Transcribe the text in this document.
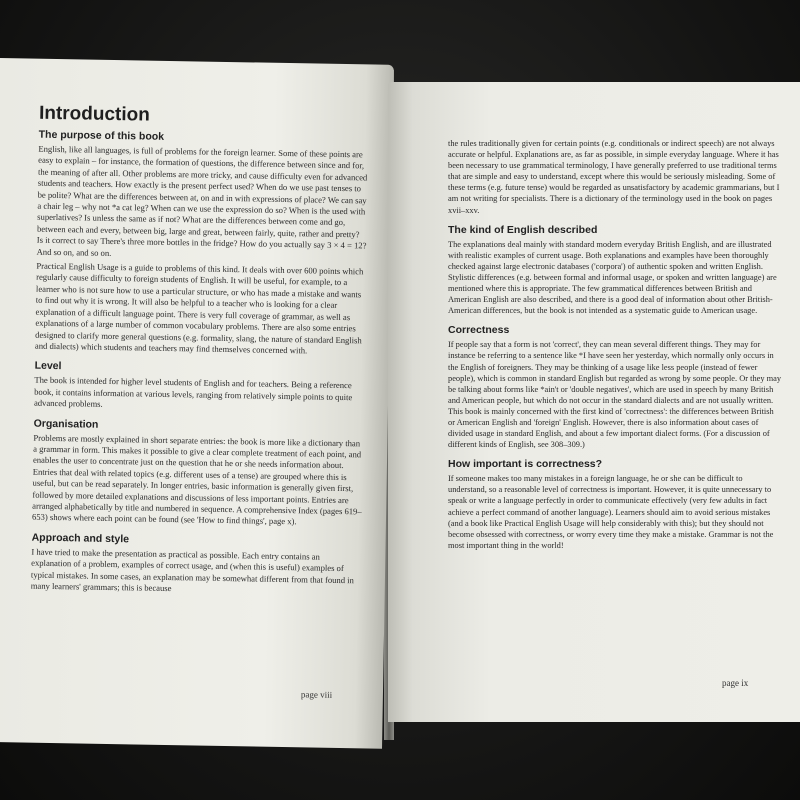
Introduction
The purpose of this book

English, like all languages, is full of problems for the foreign learner. Some of these points are easy to explain – for instance, the formation of questions, the difference between since and for, the meaning of after all. Other problems are more tricky, and cause difficulty even for advanced students and teachers. How exactly is the present perfect used? When do we use past tenses to be polite? What are the differences between at, on and in with expressions of place? We can say a chair leg – why not *a cat leg? When can we use the expression do so? When is the used with superlatives? Is unless the same as if not? What are the differences between come and go, between each and every, between big, large and great, between fairly, quite, rather and pretty? Is it correct to say There's three more bottles in the fridge? How do you actually say 3 × 4 = 12? And so on, and so on.

Practical English Usage is a guide to problems of this kind. It deals with over 600 points which regularly cause difficulty to foreign students of English. It will be useful, for example, to a learner who is not sure how to use a particular structure, or who has made a mistake and wants to find out why it is wrong. It will also be helpful to a teacher who is looking for a clear explanation of a difficult language point. There is very full coverage of grammar, as well as explanations of a large number of common vocabulary problems. There are also some entries designed to clarify more general questions (e.g. formality, slang, the nature of standard English and dialects) which students and teachers may find themselves concerned with.

Level

The book is intended for higher level students of English and for teachers. Being a reference book, it contains information at various levels, ranging from relatively simple points to quite advanced problems.

Organisation

Problems are mostly explained in short separate entries: the book is more like a dictionary than a grammar in form. This makes it possible to give a clear complete treatment of each point, and enables the user to concentrate just on the question that he or she needs information about. Entries that deal with related topics (e.g. different uses of a tense) are grouped where this is useful, but can be read separately. In longer entries, basic information is generally given first, followed by more detailed explanations and discussions of less important points. Entries are arranged alphabetically by title and numbered in sequence. A comprehensive Index (pages 619–653) shows where each point can be found (see 'How to find things', page x).

Approach and style

I have tried to make the presentation as practical as possible. Each entry contains an explanation of a problem, examples of correct usage, and (when this is useful) examples of typical mistakes. In some cases, an explanation may be somewhat different from that found in many learners' grammars; this is because

page viii

the rules traditionally given for certain points (e.g. conditionals or indirect speech) are not always accurate or helpful. Explanations are, as far as possible, in simple everyday language. Where it has been necessary to use grammatical terminology, I have generally preferred to use traditional terms that are simple and easy to understand, except where this would be seriously misleading. Some of these terms (e.g. future tense) would be regarded as unsatisfactory by academic grammarians, but I am not writing for specialists. There is a dictionary of the terminology used in the book on pages xvii–xxv.

The kind of English described

The explanations deal mainly with standard modern everyday British English, and are illustrated with realistic examples of current usage. Both explanations and examples have been thoroughly checked against large electronic databases ('corpora') of authentic spoken and written English. Stylistic differences (e.g. between formal and informal usage, or spoken and written language) are mentioned where this is appropriate. The few grammatical differences between British and American English are also described, and there is a good deal of information about other British-American differences, but the book is not intended as a systematic guide to American usage.

Correctness

If people say that a form is not 'correct', they can mean several different things. They may for instance be referring to a sentence like *I have seen her yesterday, which normally only occurs in the English of foreigners. They may be thinking of a usage like less people (instead of fewer people), which is common in standard English but regarded as wrong by some people. Or they may be talking about forms like *ain't or 'double negatives', which are used in speech by many British and American people, but which do not occur in the standard dialects and are not usually written. This book is mainly concerned with the first kind of 'correctness': the differences between British or American English and 'foreign' English. However, there is also information about cases of divided usage in standard English, and about a few important dialect forms. (For a discussion of different kinds of English, see 308–309.)

How important is correctness?

If someone makes too many mistakes in a foreign language, he or she can be difficult to understand, so a reasonable level of correctness is important. However, it is quite unnecessary to speak or write a language perfectly in order to communicate effectively (very few adults in fact achieve a perfect command of another language). Learners should aim to avoid serious mistakes (and a book like Practical English Usage will help considerably with this); but they should not become obsessed with correctness, or worry every time they make a mistake. Grammar is not the most important thing in the world!

page ix
